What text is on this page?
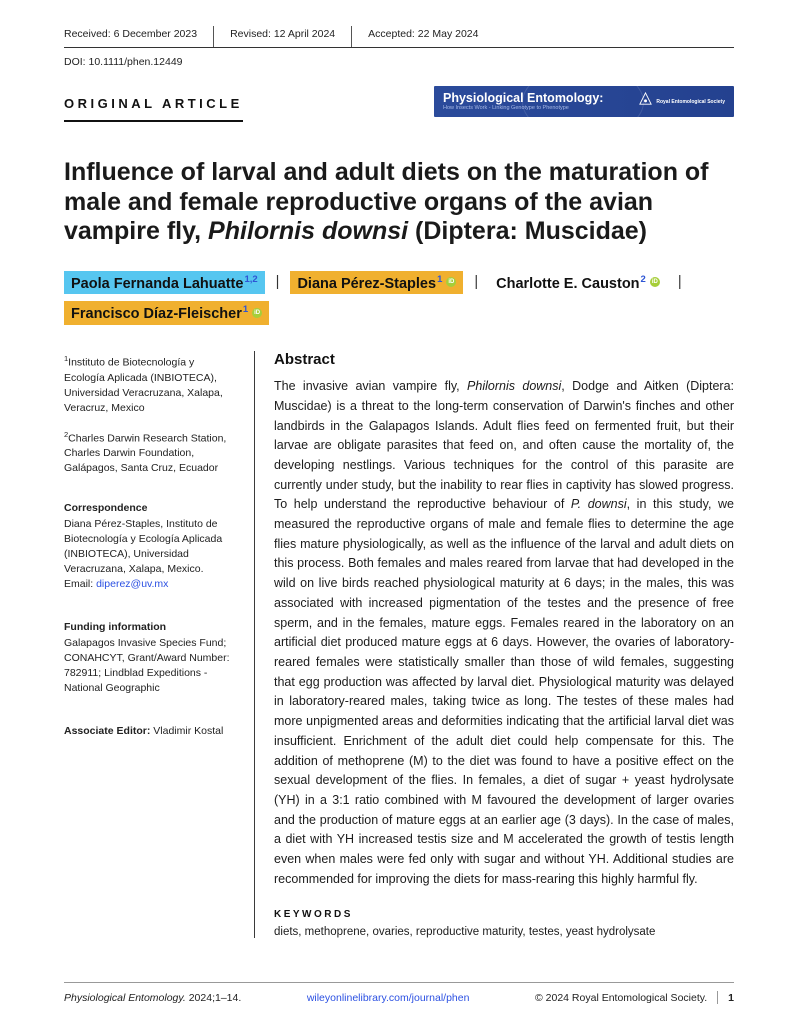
Received: 6 December 2023	Revised: 12 April 2024	Accepted: 22 May 2024
DOI: 10.1111/phen.12449
ORIGINAL ARTICLE	Physiological Entomology:
How Insects Work - Linking Genotype to Phenotype
Royal Entomological Society
Influence of larval and adult diets on the maturation of male and female reproductive organs of the avian vampire fly, Philornis downsi (Diptera: Muscidae)
Paola Fernanda Lahuatte$^{1,2}$	|	Diana Pérez-Staples$^1$ iD	|	Charlotte E. Causton$^2$ iD	|
Francisco Díaz-Fleischer$^1$ iD
$^1$Instituto de Biotecnología y Ecología Aplicada (INBIOTECA), Universidad Veracruzana, Xalapa, Veracruz, Mexico
$^2$Charles Darwin Research Station, Charles Darwin Foundation, Galápagos, Santa Cruz, Ecuador
Correspondence
Diana Pérez-Staples, Instituto de Biotecnología y Ecología Aplicada (INBIOTECA), Universidad Veracruzana, Xalapa, Mexico.
Email: diperez@uv.mx
Funding information
Galapagos Invasive Species Fund; CONAHCYT, Grant/Award Number: 782911; Lindblad Expeditions - National Geographic
Associate Editor: Vladimir Kostal
Abstract
The invasive avian vampire fly, Philornis downsi, Dodge and Aitken (Diptera: Muscidae) is a threat to the long-term conservation of Darwin's finches and other landbirds in the Galapagos Islands. Adult flies feed on fermented fruit, but their larvae are obligate parasites that feed on, and often cause the mortality of, the developing nestlings. Various techniques for the control of this parasite are currently under study, but the inability to rear flies in captivity has slowed progress. To help understand the reproductive behaviour of P. downsi, in this study, we measured the reproductive organs of male and female flies to determine the age flies mature physiologically, as well as the influence of the larval and adult diets on this process. Both females and males reared from larvae that had developed in the wild on live birds reached physiological maturity at 6 days; in the males, this was associated with increased pigmentation of the testes and the presence of free sperm, and in the females, mature eggs. Females reared in the laboratory on an artificial diet produced mature eggs at 6 days. However, the ovaries of laboratory-reared females were statistically smaller than those of wild females, suggesting that egg production was affected by larval diet. Physiological maturity was delayed in laboratory-reared males, taking twice as long. The testes of these males had more unpigmented areas and deformities indicating that the artificial larval diet was insufficient. Enrichment of the adult diet could help compensate for this. The addition of methoprene (M) to the diet was found to have a positive effect on the sexual development of the flies. In females, a diet of sugar + yeast hydrolysate (YH) in a 3:1 ratio combined with M favoured the development of larger ovaries and the production of mature eggs at an earlier age (3 days). In the case of males, a diet with YH increased testis size and M accelerated the growth of testis length even when males were fed only with sugar and without YH. Additional studies are recommended for improving the diets for mass-rearing this highly harmful fly.
KEYWORDS
diets, methoprene, ovaries, reproductive maturity, testes, yeast hydrolysate
Physiological Entomology. 2024;1–14.	wileyonlinelibrary.com/journal/phen	© 2024 Royal Entomological Society. 1
